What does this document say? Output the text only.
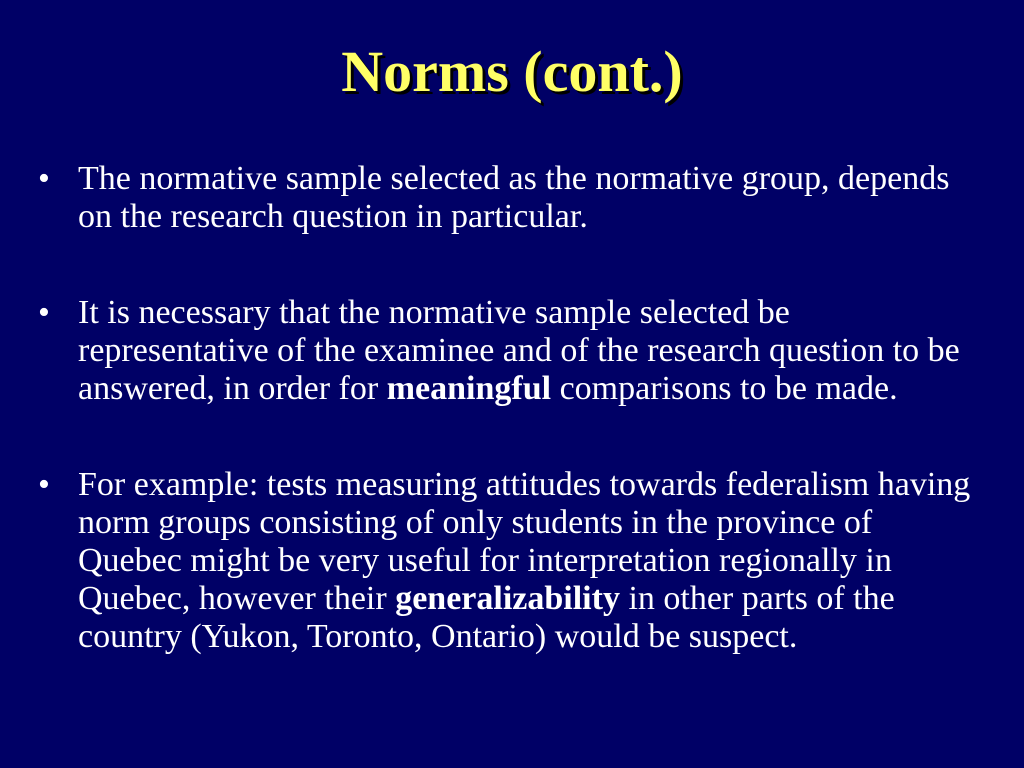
Norms (cont.)
• The normative sample selected as the normative group, depends on the research question in particular.
• It is necessary that the normative sample selected be representative of the examinee and of the research question to be answered, in order for meaningful comparisons to be made.
• For example: tests measuring attitudes towards federalism having norm groups consisting of only students in the province of Quebec might be very useful for interpretation regionally in Quebec, however their generalizability in other parts of the country (Yukon, Toronto, Ontario) would be suspect.
